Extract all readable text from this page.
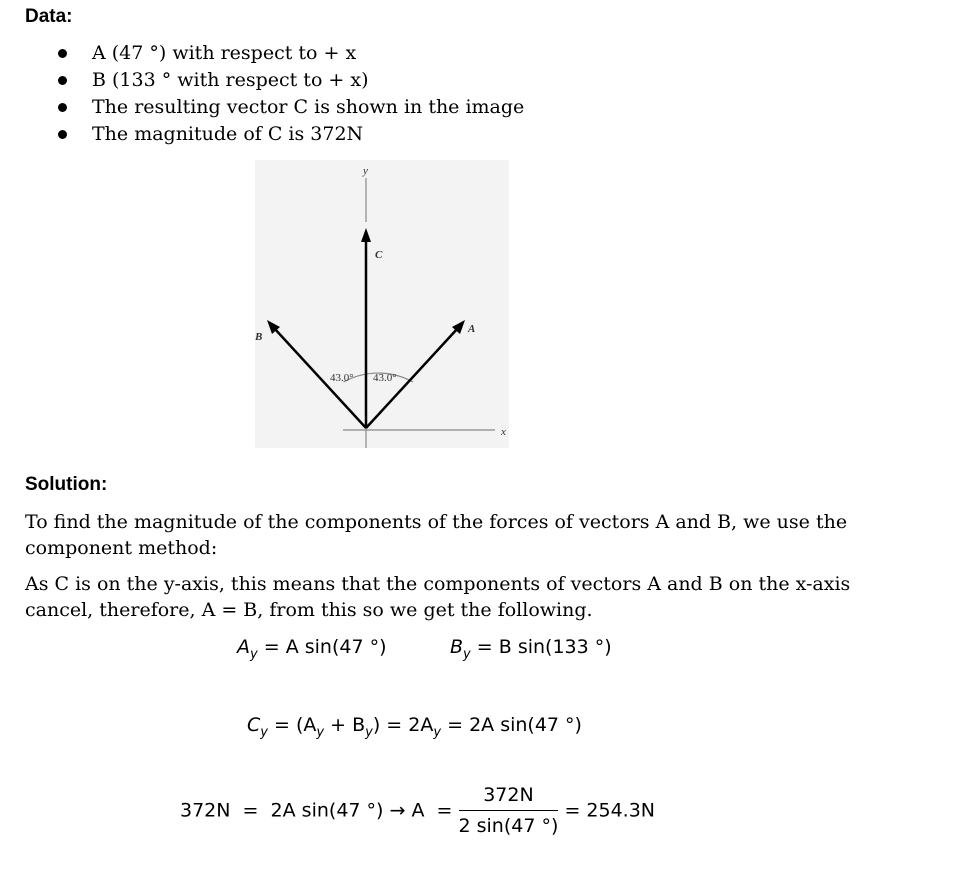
Data:
A (47 °) with respect to + x
B (133 ° with respect to + x)
The resulting vector C is shown in the image
The magnitude of C is 372N
y
x
C
A
B
43.0° 43.0°
Solution:
To find the magnitude of the components of the forces of vectors A and B, we use the component method:
As C is on the y-axis, this means that the components of vectors A and B on the x-axis cancel, therefore, A = B, from this so we get the following.
$A_y = A$ sin(47 °)	$B_y = B$ sin(133 °)
$C_y = (A_y + B_y) = 2A_y = 2A$ sin(47 °)
372N  =  2A sin(47 °) → $A = \frac{372N}{2 \sin(47 ^\circ)} = 254.3N$
